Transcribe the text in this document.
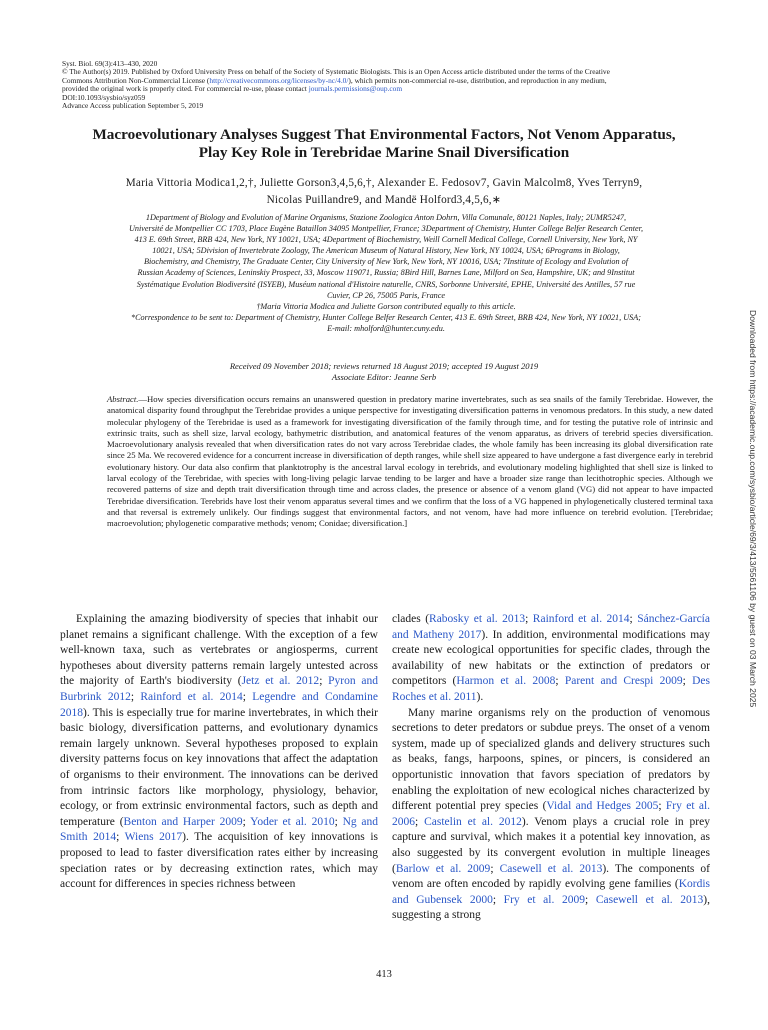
Syst. Biol. 69(3):413–430, 2020
© The Author(s) 2019. Published by Oxford University Press on behalf of the Society of Systematic Biologists. This is an Open Access article distributed under the terms of the Creative
Commons Attribution Non-Commercial License (http://creativecommons.org/licenses/by-nc/4.0/), which permits non-commercial re-use, distribution, and reproduction in any medium,
provided the original work is properly cited. For commercial re-use, please contact journals.permissions@oup.com
DOI:10.1093/sysbio/syz059
Advance Access publication September 5, 2019
Macroevolutionary Analyses Suggest That Environmental Factors, Not Venom Apparatus,
Play Key Role in Terebridae Marine Snail Diversification
Maria Vittoria Modica1,2,†, Juliette Gorson3,4,5,6,†, Alexander E. Fedosov7, Gavin Malcolm8, Yves Terryn9,
Nicolas Puillandre9, and Mandë Holford3,4,5,6,∗
1Department of Biology and Evolution of Marine Organisms, Stazione Zoologica Anton Dohrn, Villa Comunale, 80121 Naples, Italy; 2UMR5247,
Université de Montpellier CC 1703, Place Eugène Bataillon 34095 Montpellier, France; 3Department of Chemistry, Hunter College Belfer Research Center,
413 E. 69th Street, BRB 424, New York, NY 10021, USA; 4Department of Biochemistry, Weill Cornell Medical College, Cornell University, New York, NY
10021, USA; 5Division of Invertebrate Zoology, The American Museum of Natural History, New York, NY 10024, USA; 6Programs in Biology,
Biochemistry, and Chemistry, The Graduate Center, City University of New York, New York, NY 10016, USA; 7Institute of Ecology and Evolution of
Russian Academy of Sciences, Leninskiy Prospect, 33, Moscow 119071, Russia; 8Bird Hill, Barnes Lane, Milford on Sea, Hampshire, UK; and 9Institut
Systématique Evolution Biodiversité (ISYEB), Muséum national d'Histoire naturelle, CNRS, Sorbonne Université, EPHE, Université des Antilles, 57 rue
Cuvier, CP 26, 75005 Paris, France
†Maria Vittoria Modica and Juliette Gorson contributed equally to this article.
*Correspondence to be sent to: Department of Chemistry, Hunter College Belfer Research Center, 413 E. 69th Street, BRB 424, New York, NY 10021, USA;
E-mail: mholford@hunter.cuny.edu.
Received 09 November 2018; reviews returned 18 August 2019; accepted 19 August 2019
Associate Editor: Jeanne Serb
Abstract.—How species diversification occurs remains an unanswered question in predatory marine invertebrates, such as sea snails of the family Terebridae. However, the anatomical disparity found throughput the Terebridae provides a unique perspective for investigating diversification patterns in venomous predators. In this study, a new dated molecular phylogeny of the Terebridae is used as a framework for investigating diversification of the family through time, and for testing the putative role of intrinsic and extrinsic traits, such as shell size, larval ecology, bathymetric distribution, and anatomical features of the venom apparatus, as drivers of terebrid species diversification. Macroevolutionary analysis revealed that when diversification rates do not vary across Terebridae clades, the whole family has been increasing its global diversification rate since 25 Ma. We recovered evidence for a concurrent increase in diversification of depth ranges, while shell size appeared to have undergone a fast divergence early in terebrid evolutionary history. Our data also confirm that planktotrophy is the ancestral larval ecology in terebrids, and evolutionary modeling highlighted that shell size is linked to larval ecology of the Terebridae, with species with long-living pelagic larvae tending to be larger and have a broader size range than lecithotrophic species. Although we recovered patterns of size and depth trait diversification through time and across clades, the presence or absence of a venom gland (VG) did not appear to have impacted Terebridae diversification. Terebrids have lost their venom apparatus several times and we confirm that the loss of a VG happened in phylogenetically clustered terminal taxa and that reversal is extremely unlikely. Our findings suggest that environmental factors, and not venom, have had more influence on terebrid evolution. [Terebridae; macroevolution; phylogenetic comparative methods; venom; Conidae; diversification.]

Explaining the amazing biodiversity of species that inhabit our planet remains a significant challenge. With the exception of a few well-known taxa, such as vertebrates or angiosperms, current hypotheses about diversity patterns remain largely untested across the majority of Earth's biodiversity (Jetz et al. 2012; Pyron and Burbrink 2012; Rainford et al. 2014; Legendre and Condamine 2018). This is especially true for marine invertebrates, in which their basic biology, diversification patterns, and evolutionary dynamics remain largely unknown. Several hypotheses proposed to explain diversity patterns focus on key innovations that affect the adaptation of organisms to their environment. The innovations can be derived from intrinsic factors like morphology, physiology, behavior, ecology, or from extrinsic environmental factors, such as depth and temperature (Benton and Harper 2009; Yoder et al. 2010; Ng and Smith 2014; Wiens 2017). The acquisition of key innovations is proposed to lead to faster diversification rates either by increasing speciation rates or by decreasing extinction rates, which may account for differences in species richness between

clades (Rabosky et al. 2013; Rainford et al. 2014; Sánchez-García and Matheny 2017). In addition, environmental modifications may create new ecological opportunities for specific clades, through the availability of new habitats or the extinction of predators or competitors (Harmon et al. 2008; Parent and Crespi 2009; Des Roches et al. 2011).

Many marine organisms rely on the production of venomous secretions to deter predators or subdue preys. The onset of a venom system, made up of specialized glands and delivery structures such as beaks, fangs, harpoons, spines, or pincers, is considered an opportunistic innovation that favors speciation of predators by enabling the exploitation of new ecological niches characterized by different potential prey species (Vidal and Hedges 2005; Fry et al. 2006; Castelin et al. 2012). Venom plays a crucial role in prey capture and survival, which makes it a potential key innovation, as also suggested by its convergent evolution in multiple lineages (Barlow et al. 2009; Casewell et al. 2013). The components of venom are often encoded by rapidly evolving gene families (Kordis and Gubensek 2000; Fry et al. 2009; Casewell et al. 2013), suggesting a strong

413
Downloaded from https://academic.oup.com/sysbio/article/69/3/413/5561106 by guest on 03 March 2025
